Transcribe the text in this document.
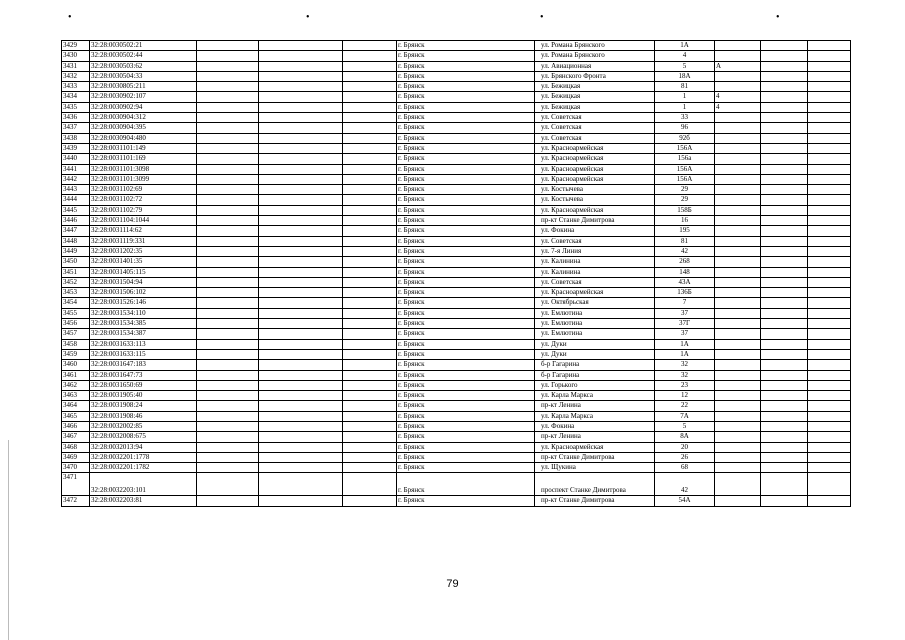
•	•	•	•
3429	32:28:0030502:21				г. Брянск	ул. Романа Брянского	1А			
3430	32:28:0030502:44				г. Брянск	ул. Романа Брянского	4			
3431	32:28:0030503:62				г. Брянск	ул. Авиационная	5	А		
3432	32:28:0030504:33				г. Брянск	ул. Брянского Фронта	18А			
3433	32:28:0030805:211				г. Брянск	ул. Бежицкая	81			
3434	32:28:0030902:107				г. Брянск	ул. Бежицкая	1	4		
3435	32:28:0030902:94				г. Брянск	ул. Бежицкая	1	4		
3436	32:28:0030904:312				г. Брянск	ул. Советская	33			
3437	32:28:0030904:395				г. Брянск	ул. Советская	96			
3438	32:28:0030904:480				г. Брянск	ул. Советская	92б			
3439	32:28:0031101:149				г. Брянск	ул. Красноармейская	156А			
3440	32:28:0031101:169				г. Брянск	ул. Красноармейская	156а			
3441	32:28:0031101:3098				г. Брянск	ул. Красноармейская	156А			
3442	32:28:0031101:3099				г. Брянск	ул. Красноармейская	156А			
3443	32:28:0031102:69				г. Брянск	ул. Костычева	29			
3444	32:28:0031102:72				г. Брянск	ул. Костычева	29			
3445	32:28:0031102:79				г. Брянск	ул. Красноармейская	158Б			
3446	32:28:0031104:1044				г. Брянск	пр-кт Станке Димитрова	16			
3447	32:28:0031114:62				г. Брянск	ул. Фокина	195			
3448	32:28:0031119:331				г. Брянск	ул. Советская	81			
3449	32:28:0031202:35				г. Брянск	ул. 7-я Линия	42			
3450	32:28:0031401:35				г. Брянск	ул. Калинина	268			
3451	32:28:0031405:115				г. Брянск	ул. Калинина	148			
3452	32:28:0031504:94				г. Брянск	ул. Советская	43А			
3453	32:28:0031506:102				г. Брянск	ул. Красноармейская	136Б			
3454	32:28:0031526:146				г. Брянск	ул. Октябрьская	7			
3455	32:28:0031534:110				г. Брянск	ул. Емлютина	37			
3456	32:28:0031534:385				г. Брянск	ул. Емлютина	37Г			
3457	32:28:0031534:387				г. Брянск	ул. Емлютина	37			
3458	32:28:0031633:113				г. Брянск	ул. Дуки	1А			
3459	32:28:0031633:115				г. Брянск	ул. Дуки	1А			
3460	32:28:0031647:183				г. Брянск	б-р Гагарина	32			
3461	32:28:0031647:73				г. Брянск	б-р Гагарина	32			
3462	32:28:0031650:69				г. Брянск	ул. Горького	23			
3463	32:28:0031905:40				г. Брянск	ул. Карла Маркса	12			
3464	32:28:0031908:24				г. Брянск	пр-кт Ленина	22			
3465	32:28:0031908:46				г. Брянск	ул. Карла Маркса	7А			
3466	32:28:0032002:85				г. Брянск	ул. Фокина	5			
3467	32:28:0032008:675				г. Брянск	пр-кт Ленина	8А			
3468	32:28:0032013:94				г. Брянск	ул. Красноармейская	20			
3469	32:28:0032201:1778				г. Брянск	пр-кт Станке Димитрова	26			
3470	32:28:0032201:1782				г. Брянск	ул. Щукина	68			
3471	32:28:0032203:101				г. Брянск	проспект Станке Димитрова	42			
3472	32:28:0032203:81				г. Брянск	пр-кт Станке Димитрова	54А			
79
